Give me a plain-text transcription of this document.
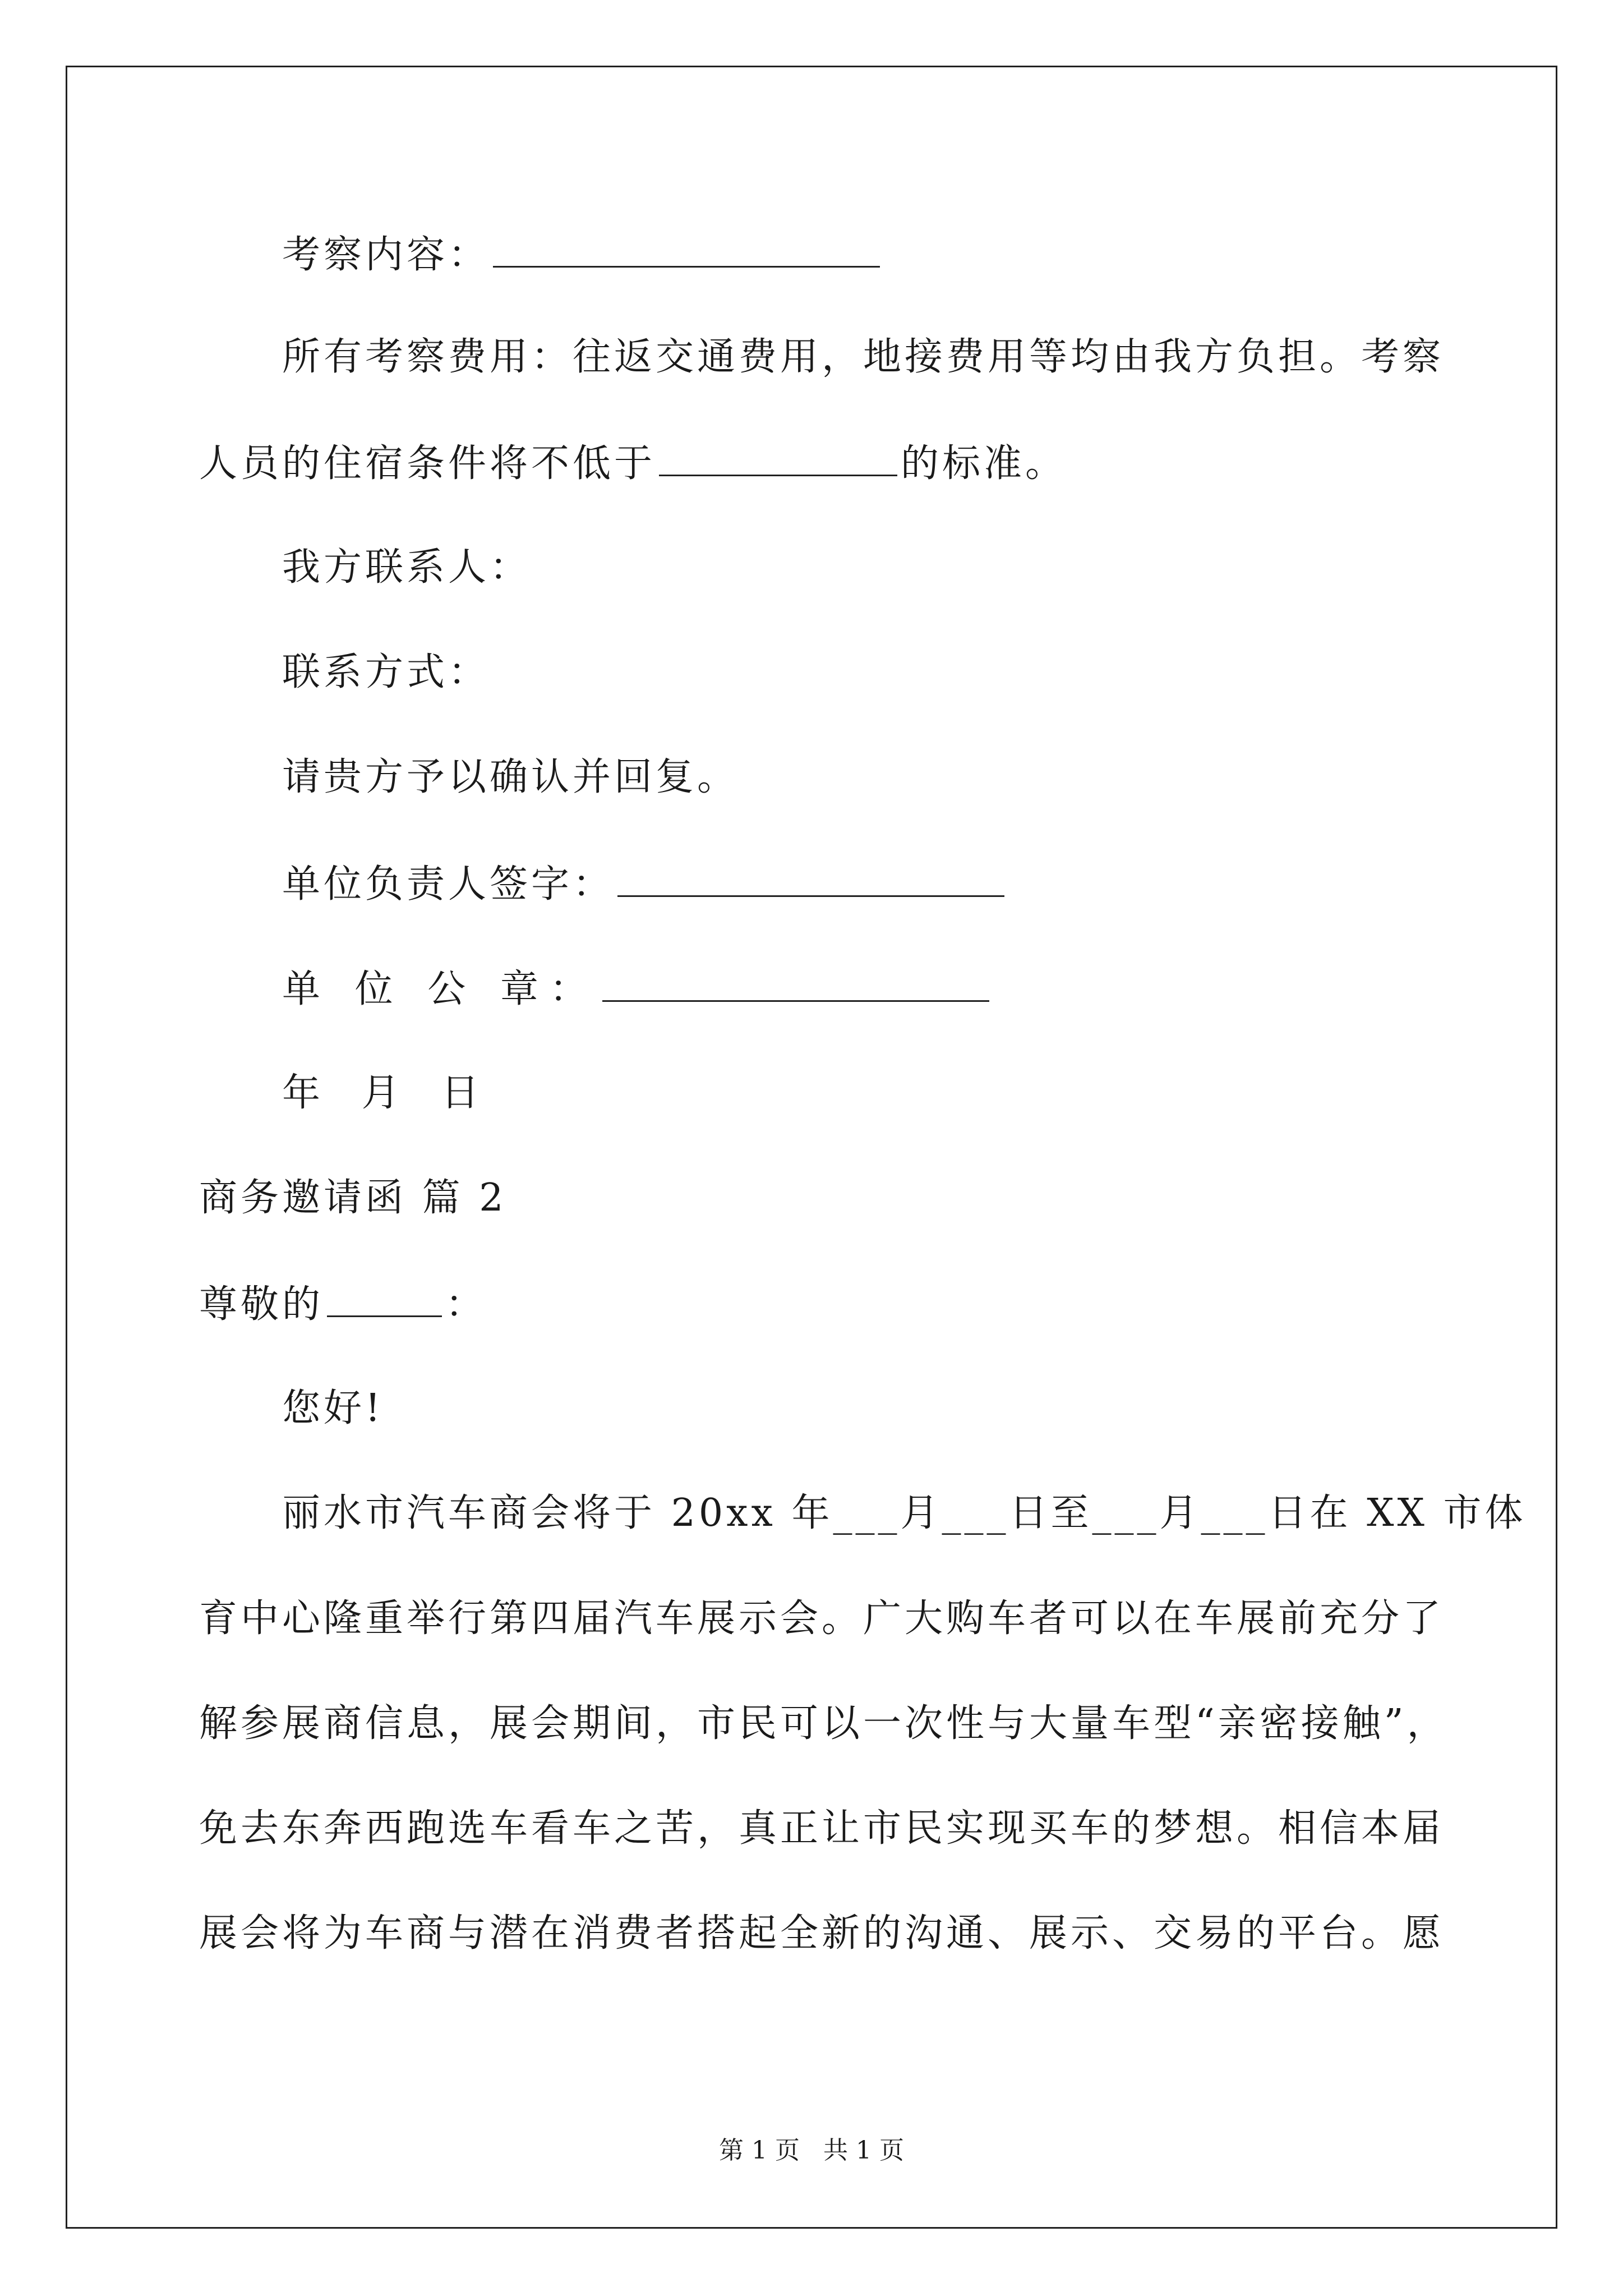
考察内容：
所有考察费用：往返交通费用，地接费用等均由我方负担。考察
人员的住宿条件将不低于	的标准。
我方联系人：
联系方式：
请贵方予以确认并回复。
单位负责人签字：
单 位 公 章：
年 月 日
商务邀请函 篇 2
尊敬的	：
您好!
丽水市汽车商会将于 20xx 年___月___日至___月___日在 XX 市体
育中心隆重举行第四届汽车展示会。广大购车者可以在车展前充分了
解参展商信息，展会期间，市民可以一次性与大量车型“亲密接触”，
免去东奔西跑选车看车之苦，真正让市民实现买车的梦想。相信本届
展会将为车商与潜在消费者搭起全新的沟通、展示、交易的平台。愿
第 1 页 共 1 页
